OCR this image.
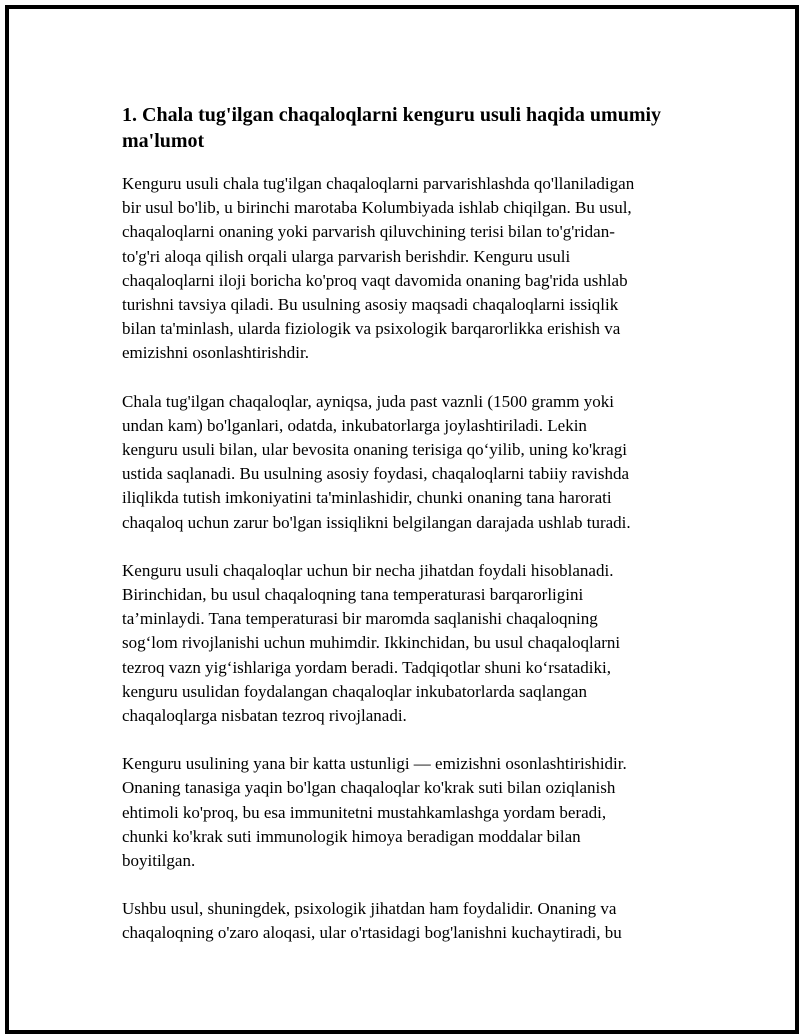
1. Chala tug'ilgan chaqaloqlarni kenguru usuli haqida umumiy
ma'lumot

Kenguru usuli chala tug'ilgan chaqaloqlarni parvarishlashda qo'llaniladigan
bir usul bo'lib, u birinchi marotaba Kolumbiyada ishlab chiqilgan. Bu usul,
chaqaloqlarni onaning yoki parvarish qiluvchining terisi bilan to'g'ridan-
to'g'ri aloqa qilish orqali ularga parvarish berishdir. Kenguru usuli
chaqaloqlarni iloji boricha ko'proq vaqt davomida onaning bag'rida ushlab
turishni tavsiya qiladi. Bu usulning asosiy maqsadi chaqaloqlarni issiqlik
bilan ta'minlash, ularda fiziologik va psixologik barqarorlikka erishish va
emizishni osonlashtirishdir.

Chala tug'ilgan chaqaloqlar, ayniqsa, juda past vaznli (1500 gramm yoki
undan kam) bo'lganlari, odatda, inkubatorlarga joylashtiriladi. Lekin
kenguru usuli bilan, ular bevosita onaning terisiga qo‘yilib, uning ko'kragi
ustida saqlanadi. Bu usulning asosiy foydasi, chaqaloqlarni tabiiy ravishda
iliqlikda tutish imkoniyatini ta'minlashidir, chunki onaning tana harorati
chaqaloq uchun zarur bo'lgan issiqlikni belgilangan darajada ushlab turadi.

Kenguru usuli chaqaloqlar uchun bir necha jihatdan foydali hisoblanadi.
Birinchidan, bu usul chaqaloqning tana temperaturasi barqarorligini
ta’minlaydi. Tana temperaturasi bir maromda saqlanishi chaqaloqning
sog‘lom rivojlanishi uchun muhimdir. Ikkinchidan, bu usul chaqaloqlarni
tezroq vazn yig‘ishlariga yordam beradi. Tadqiqotlar shuni ko‘rsatadiki,
kenguru usulidan foydalangan chaqaloqlar inkubatorlarda saqlangan
chaqaloqlarga nisbatan tezroq rivojlanadi.

Kenguru usulining yana bir katta ustunligi — emizishni osonlashtirishidir.
Onaning tanasiga yaqin bo'lgan chaqaloqlar ko'krak suti bilan oziqlanish
ehtimoli ko'proq, bu esa immunitetni mustahkamlashga yordam beradi,
chunki ko'krak suti immunologik himoya beradigan moddalar bilan
boyitilgan.

Ushbu usul, shuningdek, psixologik jihatdan ham foydalidir. Onaning va
chaqaloqning o'zaro aloqasi, ular o'rtasidagi bog'lanishni kuchaytiradi, bu
